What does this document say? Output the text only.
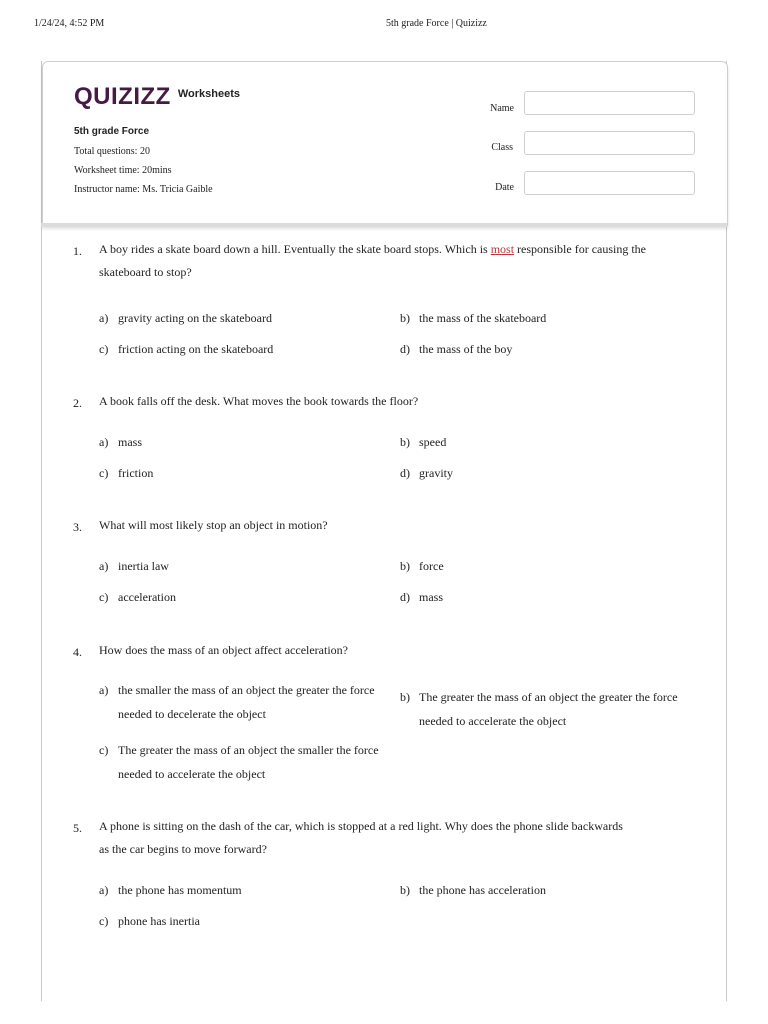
1/24/24, 4:52 PM	5th grade Force | Quizizz
QUIZIZZ Worksheets
5th grade Force
Total questions: 20
Worksheet time: 20mins
Instructor name: Ms. Tricia Gaible
Name
Class
Date
1. A boy rides a skate board down a hill. Eventually the skate board stops. Which is most responsible for causing the skateboard to stop?
a) gravity acting on the skateboard	b) the mass of the skateboard
c) friction acting on the skateboard	d) the mass of the boy
2. A book falls off the desk. What moves the book towards the floor?
a) mass	b) speed
c) friction	d) gravity
3. What will most likely stop an object in motion?
a) inertia law	b) force
c) acceleration	d) mass
4. How does the mass of an object affect acceleration?
a) the smaller the mass of an object the greater the force needed to decelerate the object
b) The greater the mass of an object the greater the force needed to accelerate the object
c) The greater the mass of an object the smaller the force needed to accelerate the object
5. A phone is sitting on the dash of the car, which is stopped at a red light. Why does the phone slide backwards as the car begins to move forward?
a) the phone has momentum	b) the phone has acceleration
c) phone has inertia
